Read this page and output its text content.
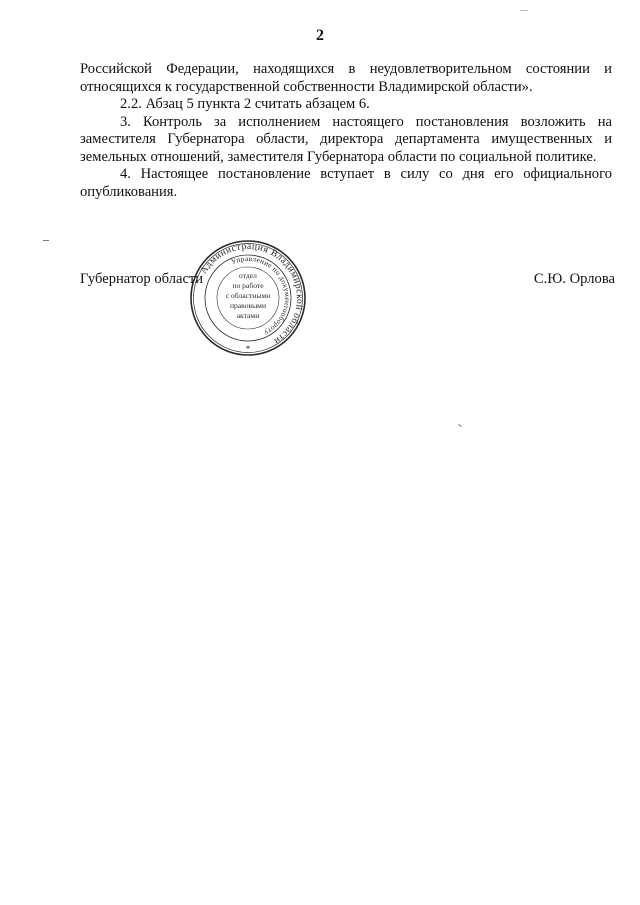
2

Российской Федерации, находящихся в неудовлетворительном состоянии и относящихся к государственной собственности Владимирской области».

2.2. Абзац 5 пункта 2 считать абзацем 6.

3. Контроль за исполнением настоящего постановления возложить на заместителя Губернатора области, директора департамента имущественных и земельных отношений, заместителя Губернатора области по социальной политике.

4. Настоящее постановление вступает в силу со дня его официального опубликования.

Губернатор области	С.Ю. Орлова
Администрация Владимирской области
Управление по документообороту
отдел
по работе
с областными
правовыми
актами
*
